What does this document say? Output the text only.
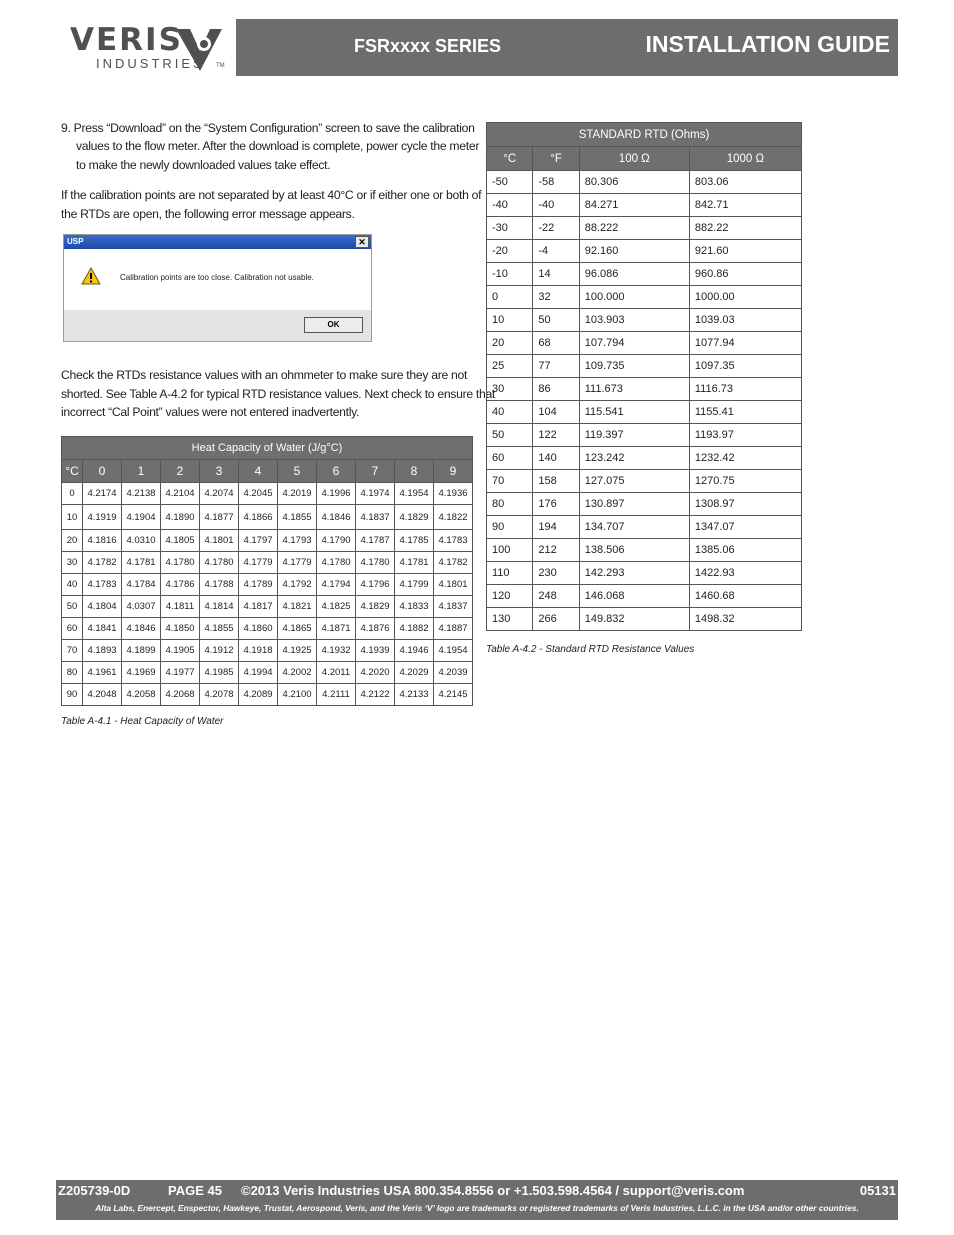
VERIS
INDUSTRIES TM
FSRxxxx SERIES	INSTALLATION GUIDE
9. Press “Download” on the “System Configuration” screen to save the calibration
values to the flow meter. After the download is complete, power cycle the meter
to make the newly downloaded values take effect.
If the calibration points are not separated by at least 40°C or if either one or both of
the RTDs are open, the following error message appears.
USP	✕
Calibration points are too close. Calibration not usable.
OK
Check the RTDs resistance values with an ohmmeter to make sure they are not
shorted. See Table A-4.2 for typical RTD resistance values. Next check to ensure that
incorrect “Cal Point” values were not entered inadvertently.
Heat Capacity of Water (J/g°C)										
°C	0	1	2	3	4	5	6	7	8	9
0	4.2174	4.2138	4.2104	4.2074	4.2045	4.2019	4.1996	4.1974	4.1954	4.1936
10	4.1919	4.1904	4.1890	4.1877	4.1866	4.1855	4.1846	4.1837	4.1829	4.1822
20	4.1816	4.0310	4.1805	4.1801	4.1797	4.1793	4.1790	4.1787	4.1785	4.1783
30	4.1782	4.1781	4.1780	4.1780	4.1779	4.1779	4.1780	4.1780	4.1781	4.1782
40	4.1783	4.1784	4.1786	4.1788	4.1789	4.1792	4.1794	4.1796	4.1799	4.1801
50	4.1804	4.0307	4.1811	4.1814	4.1817	4.1821	4.1825	4.1829	4.1833	4.1837
60	4.1841	4.1846	4.1850	4.1855	4.1860	4.1865	4.1871	4.1876	4.1882	4.1887
70	4.1893	4.1899	4.1905	4.1912	4.1918	4.1925	4.1932	4.1939	4.1946	4.1954
80	4.1961	4.1969	4.1977	4.1985	4.1994	4.2002	4.2011	4.2020	4.2029	4.2039
90	4.2048	4.2058	4.2068	4.2078	4.2089	4.2100	4.2111	4.2122	4.2133	4.2145
Table A-4.1 - Heat Capacity of Water
STANDARD RTD (Ohms)			
°C	°F	100 Ω	1000 Ω
-50	-58	80.306	803.06
-40	-40	84.271	842.71
-30	-22	88.222	882.22
-20	-4	92.160	921.60
-10	14	96.086	960.86
0	32	100.000	1000.00
10	50	103.903	1039.03
20	68	107.794	1077.94
25	77	109.735	1097.35
30	86	111.673	1116.73
40	104	115.541	1155.41
50	122	119.397	1193.97
60	140	123.242	1232.42
70	158	127.075	1270.75
80	176	130.897	1308.97
90	194	134.707	1347.07
100	212	138.506	1385.06
110	230	142.293	1422.93
120	248	146.068	1460.68
130	266	149.832	1498.32
Table A-4.2 - Standard RTD Resistance Values
Z205739-0D	PAGE 45 ©2013 Veris Industries USA 800.354.8556 or +1.503.598.4564 / support@veris.com	05131
Alta Labs, Enercept, Enspector, Hawkeye, Trustat, Aerospond, Veris, and the Veris ‘V’ logo are trademarks or registered trademarks of Veris Industries, L.L.C. in the USA and/or other countries.
